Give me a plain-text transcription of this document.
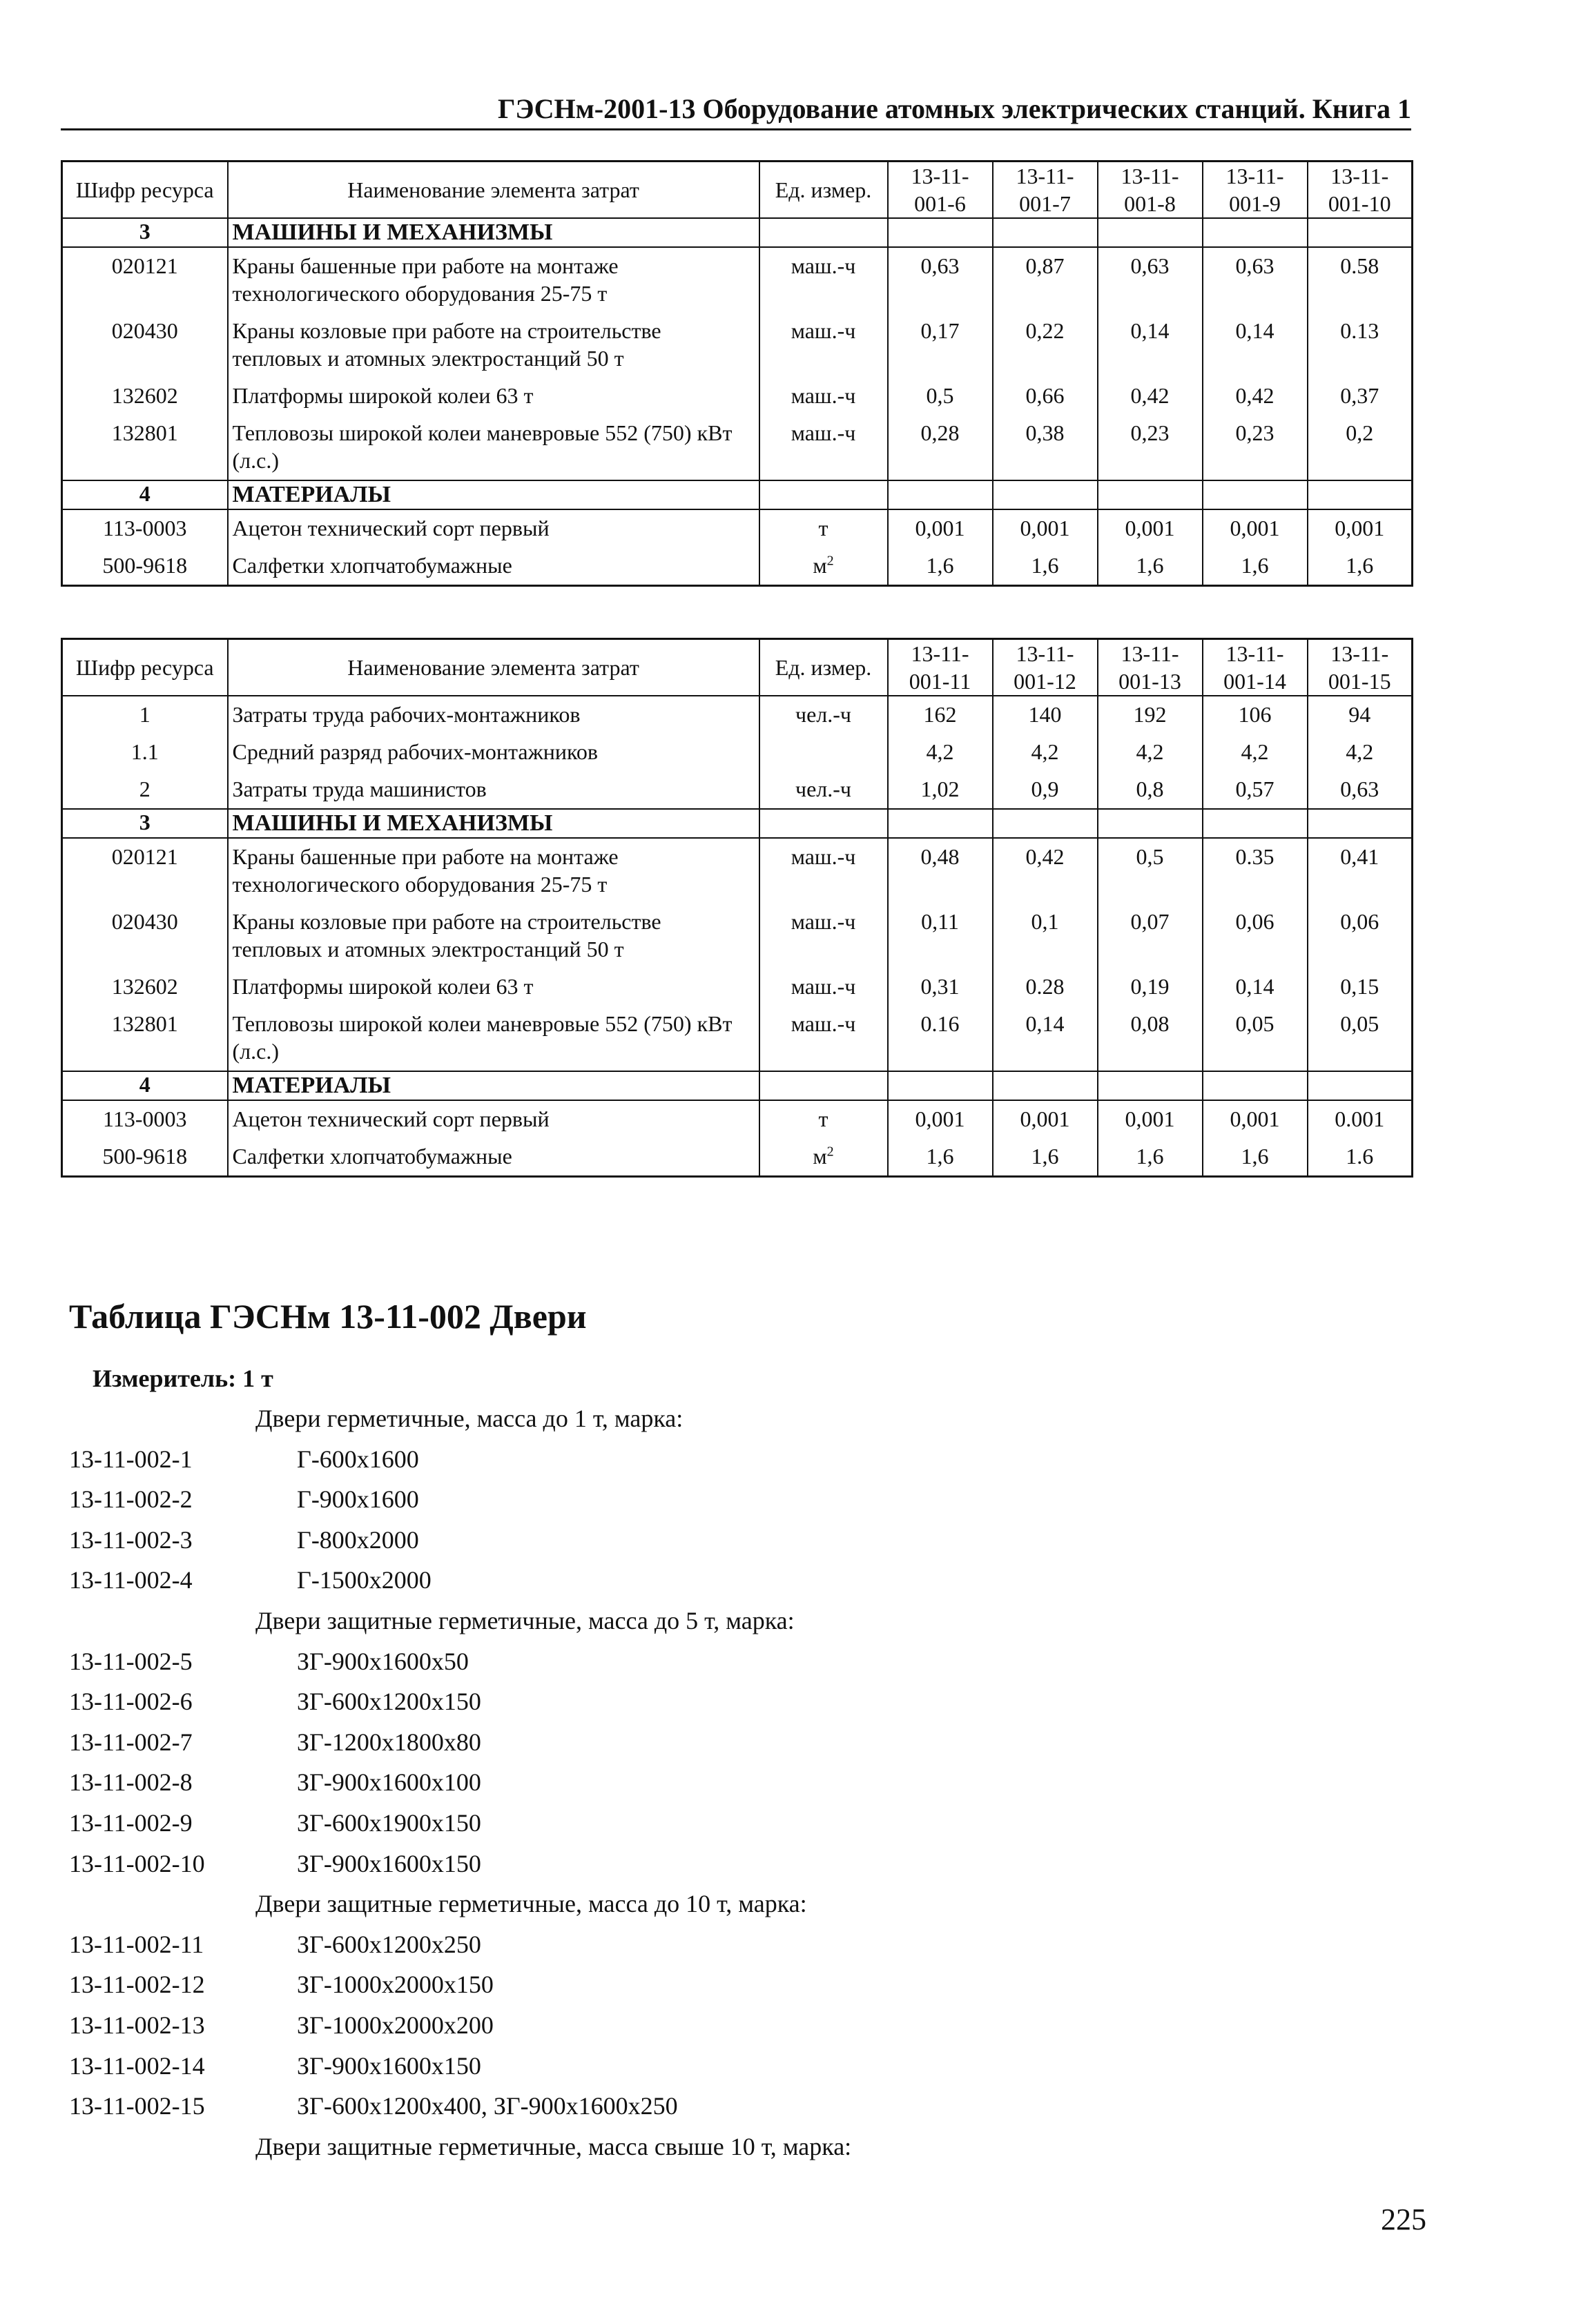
ГЭСНм-2001-13 Оборудование атомных электрических станций. Книга 1
Шифр ресурса	Наименование элемента затрат	Ед. измер.	13-11-001-6	13-11-001-7	13-11-001-8	13-11-001-9	13-11-001-10
3	МАШИНЫ И МЕХАНИЗМЫ						
020121	Краны башенные при работе на монтаже технологического оборудования 25-75 т	маш.-ч	0,63	0,87	0,63	0,63	0.58
020430	Краны козловые при работе на строительстве тепловых и атомных электростанций 50 т	маш.-ч	0,17	0,22	0,14	0,14	0.13
132602	Платформы широкой колеи 63 т	маш.-ч	0,5	0,66	0,42	0,42	0,37
132801	Тепловозы широкой колеи маневровые 552 (750) кВт (л.с.)	маш.-ч	0,28	0,38	0,23	0,23	0,2
4	МАТЕРИАЛЫ						
113-0003	Ацетон технический сорт первый	т	0,001	0,001	0,001	0,001	0,001
500-9618	Салфетки хлопчатобумажные	$м^2$	1,6	1,6	1,6	1,6	1,6
Шифр ресурса	Наименование элемента затрат	Ед. измер.	13-11-001-11	13-11-001-12	13-11-001-13	13-11-001-14	13-11-001-15
1	Затраты труда рабочих-монтажников	чел.-ч	162	140	192	106	94
1.1	Средний разряд рабочих-монтажников		4,2	4,2	4,2	4,2	4,2
2	Затраты труда машинистов	чел.-ч	1,02	0,9	0,8	0,57	0,63
3	МАШИНЫ И МЕХАНИЗМЫ						
020121	Краны башенные при работе на монтаже технологического оборудования 25-75 т	маш.-ч	0,48	0,42	0,5	0.35	0,41
020430	Краны козловые при работе на строительстве тепловых и атомных электростанций 50 т	маш.-ч	0,11	0,1	0,07	0,06	0,06
132602	Платформы широкой колеи 63 т	маш.-ч	0,31	0.28	0,19	0,14	0,15
132801	Тепловозы широкой колеи маневровые 552 (750) кВт (л.с.)	маш.-ч	0.16	0,14	0,08	0,05	0,05
4	МАТЕРИАЛЫ						
113-0003	Ацетон технический сорт первый	т	0,001	0,001	0,001	0,001	0.001
500-9618	Салфетки хлопчатобумажные	$м^2$	1,6	1,6	1,6	1,6	1.6
Таблица ГЭСНм 13-11-002 Двери
Измеритель: 1 т
Двери герметичные, масса до 1 т, марка:
13-11-002-1	Г-600х1600
13-11-002-2	Г-900х1600
13-11-002-3	Г-800х2000
13-11-002-4	Г-1500х2000
Двери защитные герметичные, масса до 5 т, марка:
13-11-002-5	ЗГ-900х1600х50
13-11-002-6	ЗГ-600х1200х150
13-11-002-7	ЗГ-1200х1800х80
13-11-002-8	ЗГ-900х1600х100
13-11-002-9	ЗГ-600х1900х150
13-11-002-10	ЗГ-900х1600х150
Двери защитные герметичные, масса до 10 т, марка:
13-11-002-11	ЗГ-600х1200х250
13-11-002-12	ЗГ-1000х2000х150
13-11-002-13	ЗГ-1000х2000х200
13-11-002-14	ЗГ-900х1600х150
13-11-002-15	ЗГ-600х1200х400, ЗГ-900х1600х250
Двери защитные герметичные, масса свыше 10 т, марка:
225
